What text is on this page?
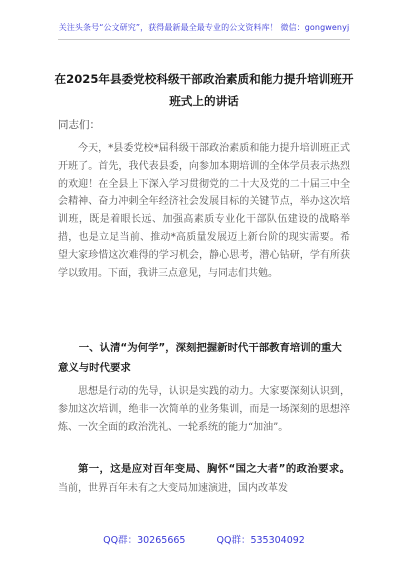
关注头条号“公文研究”，获得最新最全最专业的公文资料库！ 微信：gongwenyj
在2025年县委党校科级干部政治素质和能力提升培训班开班式上的讲话
同志们：

今天，*县委党校*届科级干部政治素质和能力提升培训班正式开班了。首先，我代表县委，向参加本期培训的全体学员表示热烈的欢迎！在全县上下深入学习贯彻党的二十大及党的二十届三中全会精神、奋力冲刺全年经济社会发展目标的关键节点，举办这次培训班，既是着眼长远、加强高素质专业化干部队伍建设的战略举措，也是立足当前、推动*高质量发展迈上新台阶的现实需要。希望大家珍惜这次难得的学习机会，静心思考，潜心钻研，学有所获学以致用。下面，我讲三点意见，与同志们共勉。

一、认清“为何学”，深刻把握新时代干部教育培训的重大意义与时代要求

思想是行动的先导，认识是实践的动力。大家要深刻认识到，参加这次培训，绝非一次简单的业务集训，而是一场深刻的思想淬炼、一次全面的政治洗礼、一轮系统的能力“加油”。

第一，这是应对百年变局、胸怀“国之大者”的政治要求。当前，世界百年未有之大变局加速演进，国内改革发

QQ群：30265665	QQ群：535304092
